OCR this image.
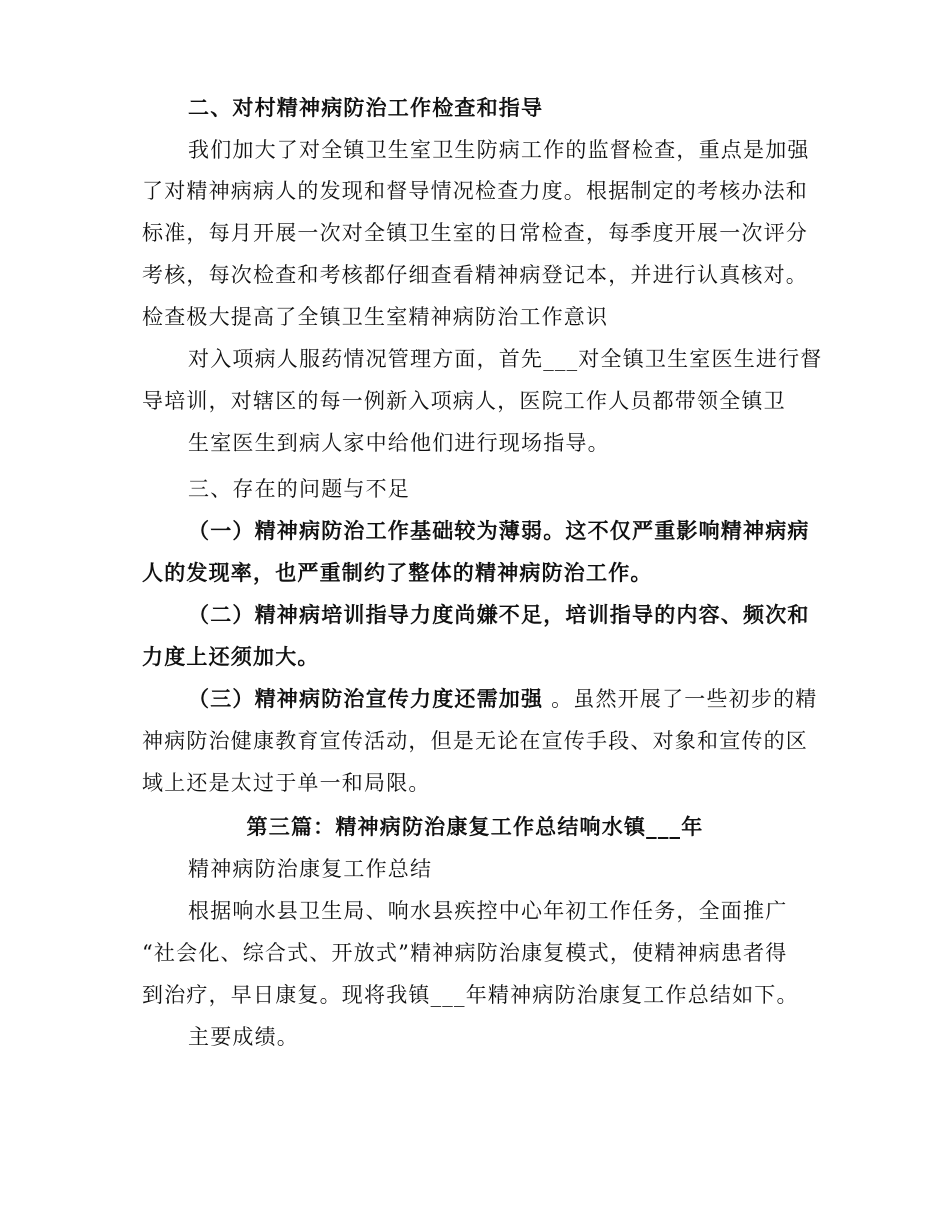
二、对村精神病防治工作检查和指导
我们加大了对全镇卫生室卫生防病工作的监督检查，重点是加强
了对精神病病人的发现和督导情况检查力度。根据制定的考核办法和
标准，每月开展一次对全镇卫生室的日常检查，每季度开展一次评分
考核，每次检查和考核都仔细查看精神病登记本，并进行认真核对。
检查极大提高了全镇卫生室精神病防治工作意识
对入项病人服药情况管理方面，首先___对全镇卫生室医生进行督
导培训，对辖区的每一例新入项病人，医院工作人员都带领全镇卫
生室医生到病人家中给他们进行现场指导。
三、存在的问题与不足
（一）精神病防治工作基础较为薄弱。这不仅严重影响精神病病
人的发现率，也严重制约了整体的精神病防治工作。
（二）精神病培训指导力度尚嫌不足，培训指导的内容、频次和
力度上还须加大。
（三）精神病防治宣传力度还需加强 。虽然开展了一些初步的精
神病防治健康教育宣传活动，但是无论在宣传手段、对象和宣传的区
域上还是太过于单一和局限。
第三篇：精神病防治康复工作总结响水镇___年
精神病防治康复工作总结
根据响水县卫生局、响水县疾控中心年初工作任务，全面推广
“社会化、综合式、开放式”精神病防治康复模式，使精神病患者得
到治疗，早日康复。现将我镇___年精神病防治康复工作总结如下。
主要成绩。
